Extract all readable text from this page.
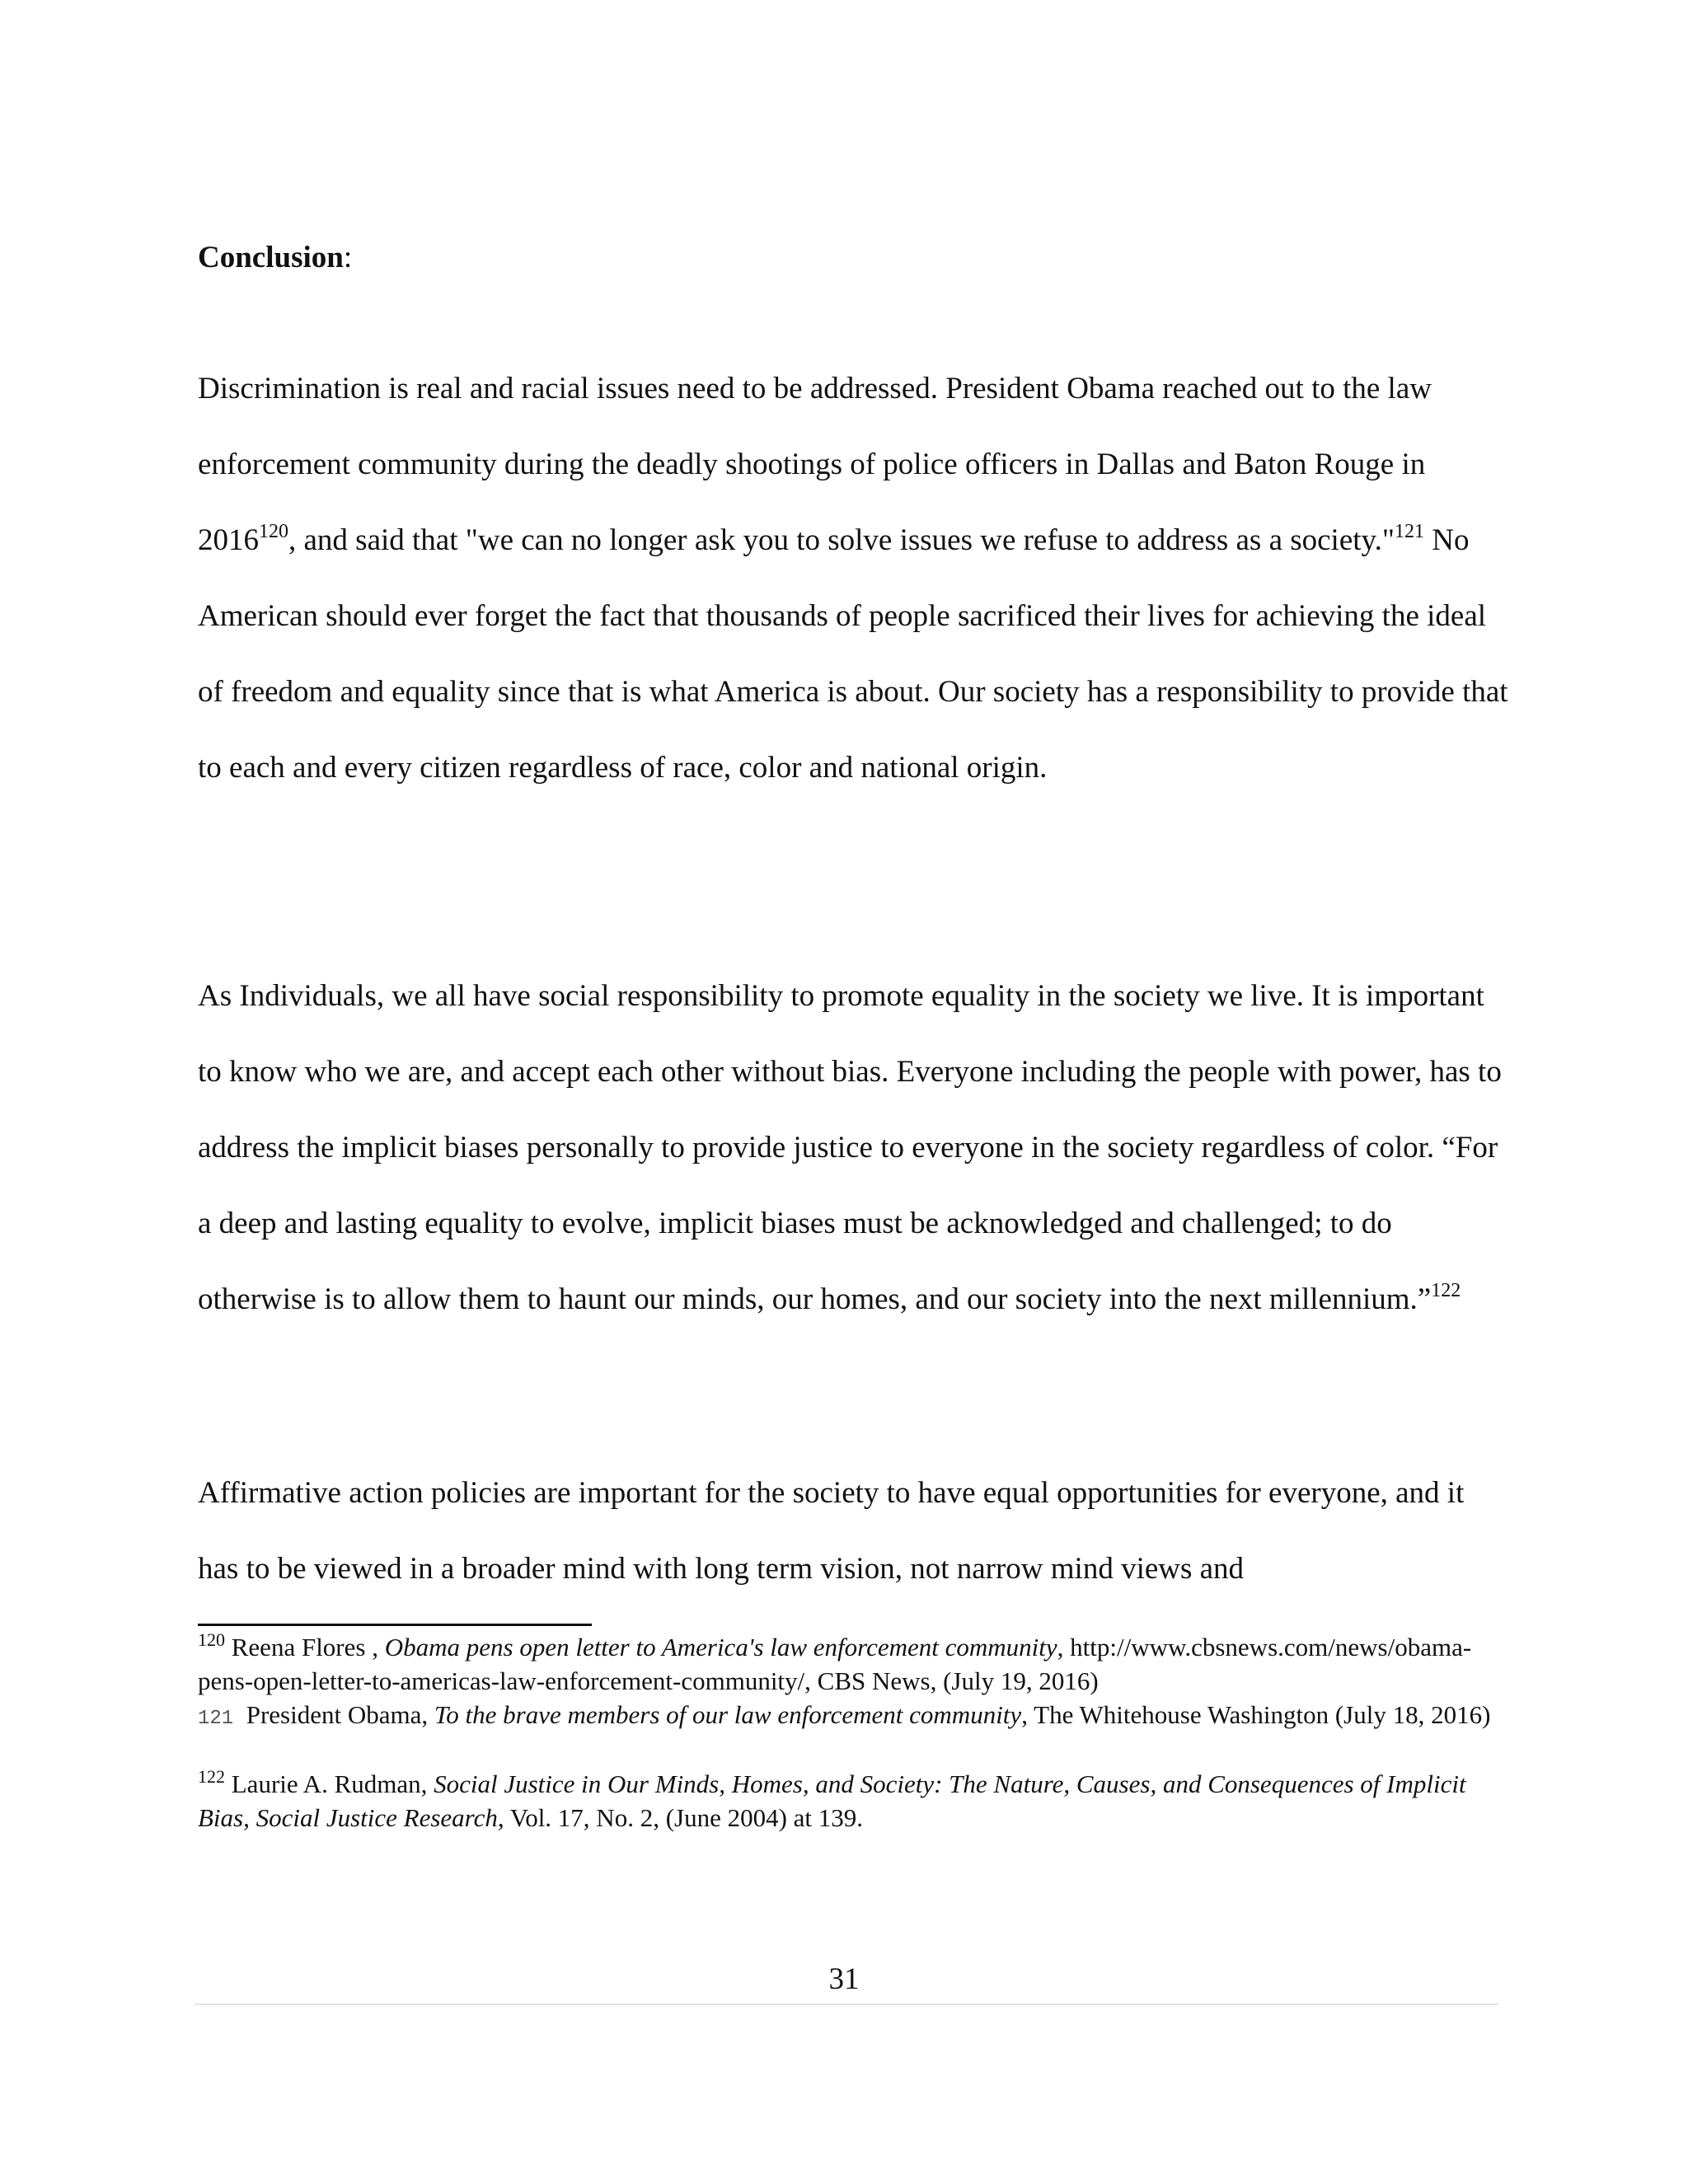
Conclusion:

Discrimination is real and racial issues need to be addressed. President Obama reached out to the law enforcement community during the deadly shootings of police officers in Dallas and Baton Rouge in 2016$^{120}$, and said that "we can no longer ask you to solve issues we refuse to address as a society."$^{121}$ No American should ever forget the fact that thousands of people sacrificed their lives for achieving the ideal of freedom and equality since that is what America is about. Our society has a responsibility to provide that to each and every citizen regardless of race, color and national origin.

As Individuals, we all have social responsibility to promote equality in the society we live. It is important to know who we are, and accept each other without bias. Everyone including the people with power, has to address the implicit biases personally to provide justice to everyone in the society regardless of color. “For a deep and lasting equality to evolve, implicit biases must be acknowledged and challenged; to do otherwise is to allow them to haunt our minds, our homes, and our society into the next millennium.”$^{122}$

Affirmative action policies are important for the society to have equal opportunities for everyone, and it has to be viewed in a broader mind with long term vision, not narrow mind views and

$^{120}$ Reena Flores , Obama pens open letter to America's law enforcement community, http://www.cbsnews.com/news/obama-pens-open-letter-to-americas-law-enforcement-community/, CBS News, (July 19, 2016)

121  President Obama, To the brave members of our law enforcement community, The Whitehouse Washington (July 18, 2016)

$^{122}$ Laurie A. Rudman, Social Justice in Our Minds, Homes, and Society: The Nature, Causes, and Consequences of Implicit Bias, Social Justice Research, Vol. 17, No. 2, (June 2004) at 139.

31
